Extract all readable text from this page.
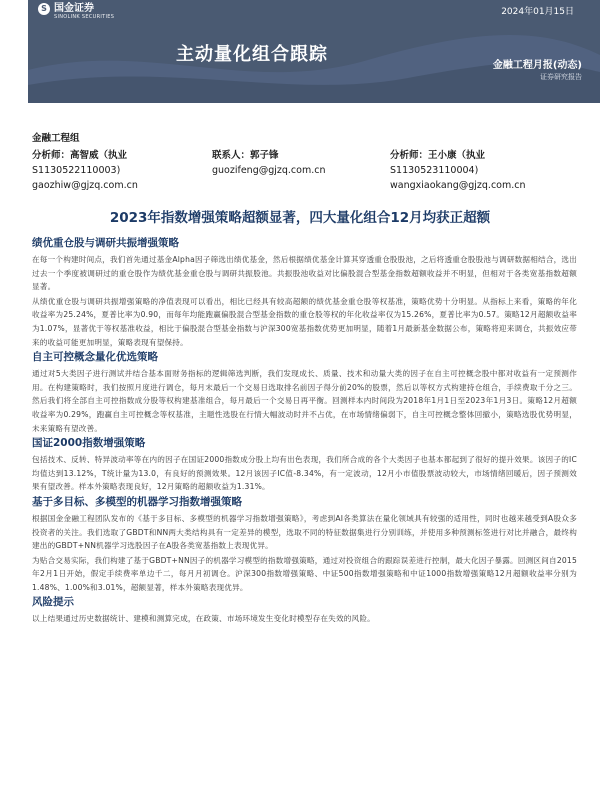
S 国金证券
SINOLINK SECURITIES	2024年01月15日
主动量化组合跟踪
金融工程月报(动态)
证券研究报告
金融工程组
分析师：高智威（执业
S1130522110003)
gaozhiw@gjzq.com.cn
联系人：郭子锋
guozifeng@gjzq.com.cn
分析师：王小康（执业
S1130523110004)
wangxiaokang@gjzq.com.cn
2023年指数增强策略超额显著，四大量化组合12月均获正超额
绩优重仓股与调研共振增强策略

在每一个构建时间点，我们首先通过基金Alpha因子筛选出绩优基金，然后根据绩优基金计算其穿透重仓股股池，之后将透重仓股股池与调研数据相结合，选出过去一个季度被调研过的重仓股作为绩优基金重仓股与调研共振股池。共振股池收益对比偏股混合型基金指数超额收益并不明显，但相对于各类宽基指数超额显著。

从绩优重仓股与调研共振增强策略的净值表现可以看出，相比已经具有较高超额的绩优基金重仓股等权基准，策略优势十分明显。从指标上来看，策略的年化收益率为25.24%，夏普比率为0.90，而每年均能跑赢偏股混合型基金指数的重仓股等权的年化收益率仅为15.26%，夏普比率为0.57。策略12月超额收益率为1.07%，显著优于等权基准收益，相比于偏股混合型基金指数与沪深300宽基指数优势更加明显，随着1月最新基金数据公布，策略将迎来调仓，共振效应带来的收益可能更加明显，策略表现有望保持。

自主可控概念量化优选策略

通过对5大类因子进行测试并结合基本面财务指标的逻辑筛选判断，我们发现成长、质量、技术和动量大类的因子在自主可控概念股中都对收益有一定预测作用。在构建策略时，我们按照月度进行调仓，每月末最后一个交易日选取排名前因子得分前20%的股票，然后以等权方式构建持仓组合，手续费取千分之三。然后我们将全部自主可控指数成分股等权构建基准组合，每月最后一个交易日再平衡。回测样本内时间段为2018年1月1日至2023年1月3日。策略12月超额收益率为0.29%，跑赢自主可控概念等权基准，主题性选股在行情大幅波动时并不占优，在市场情绪偏弱下，自主可控概念整体回撤小，策略选股优势明显，未来策略有望改善。

国证2000指数增强策略

包括技术、反转、特异波动率等在内的因子在国证2000指数成分股上均有出色表现，我们所合成的各个大类因子也基本都起到了很好的提升效果。该因子的IC均值达到13.12%，T统计量为13.0，有良好的预测效果。12月该因子IC值-8.34%，有一定波动，12月小市值股票波动较大，市场情绪回暖后，因子预测效果有望改善。样本外策略表现良好，12月策略的超额收益为1.31%。

基于多目标、多模型的机器学习指数增强策略

根据国金金融工程团队发布的《基于多目标、多模型的机器学习指数增强策略》，考虑到AI各类算法在量化领域具有较强的适用性，同时也越来越受到A股众多投资者的关注。我们选取了GBDT和NN两大类结构具有一定差异的模型，选取不同的特征数据集进行分别训练，并使用多种预测标签进行对比并融合，最终构建出的GBDT+NN机器学习选股因子在A股各类宽基指数上表现优异。

为贴合交易实际，我们构建了基于GBDT+NN因子的机器学习模型的指数增强策略，通过对投资组合的跟踪误差进行控制，最大化因子暴露。回测区间自2015年2月1日开始，假定手续费率单边千二，每月月初调仓。沪深300指数增强策略、中证500指数增强策略和中证1000指数增强策略12月超额收益率分别为1.48%、1.00%和3.01%，超额显著，样本外策略表现优异。

风险提示

以上结果通过历史数据统计、建模和测算完成，在政策、市场环境发生变化时模型存在失效的风险。
